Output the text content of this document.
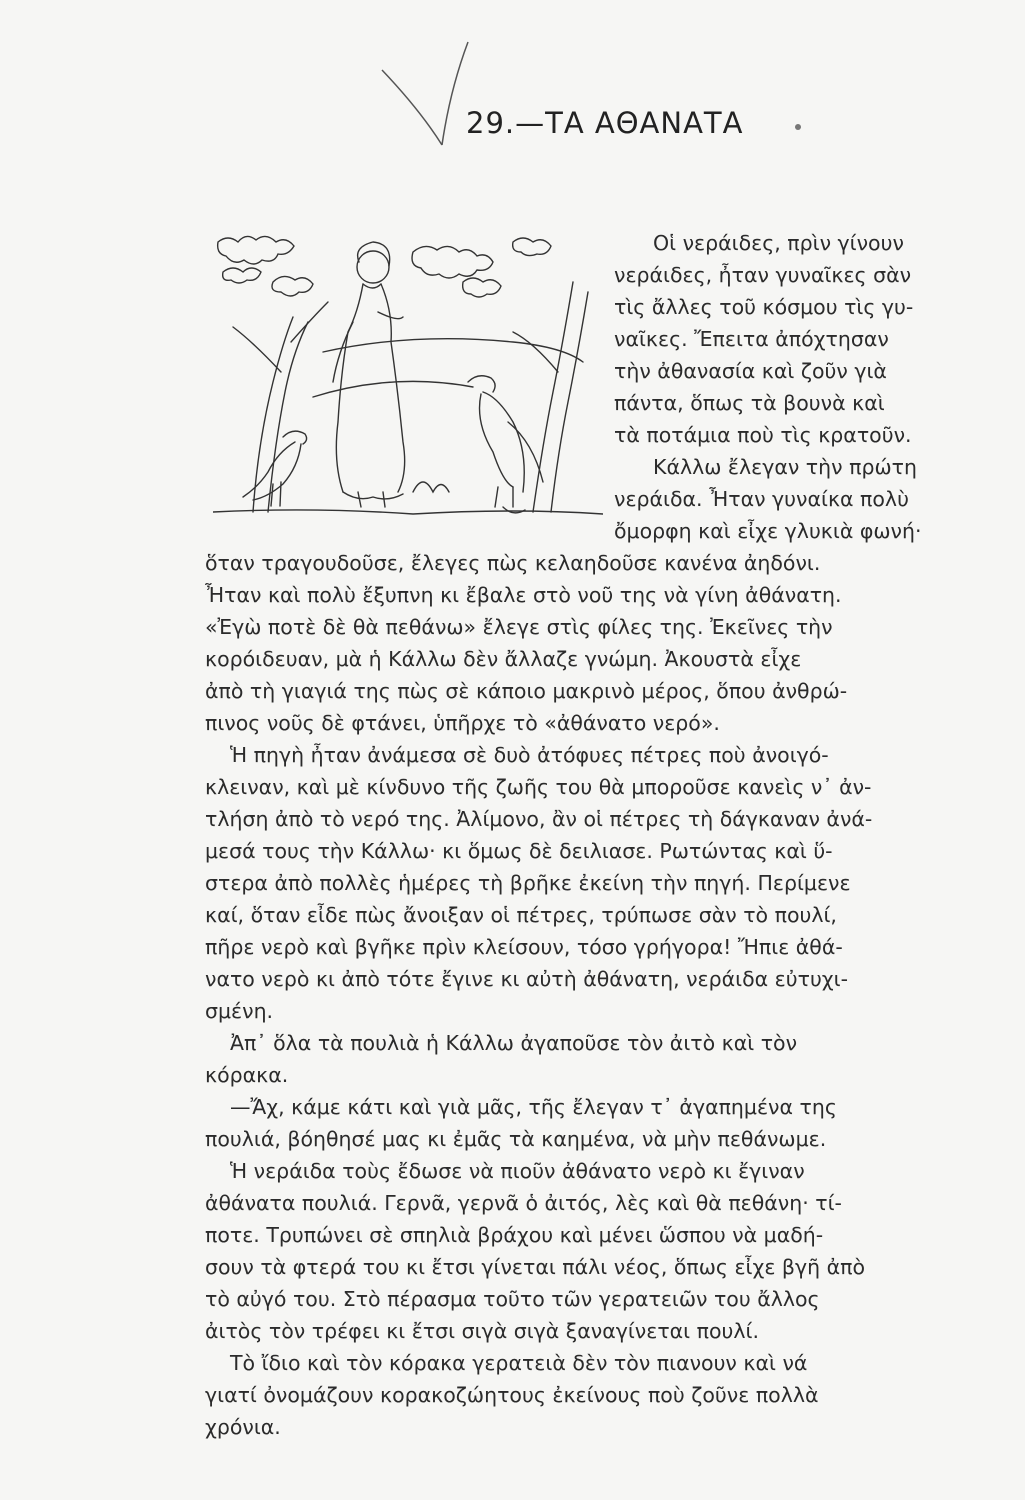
29.—ΤΑ ΑΘΑΝΑΤΑ
Οἱ νεράιδες, πρὶν γίνουν
νεράιδες, ἦταν γυναῖκες σὰν
τὶς ἄλλες τοῦ κόσμου τὶς γυ-
ναῖκες. Ἔπειτα ἀπόχτησαν
τὴν ἀθανασία καὶ ζοῦν γιὰ
πάντα, ὅπως τὰ βουνὰ καὶ
τὰ ποτάμια ποὺ τὶς κρατοῦν.
Κάλλω ἔλεγαν τὴν πρώτη
νεράιδα. Ἦταν γυναίκα πολὺ
ὄμορφη καὶ εἶχε γλυκιὰ φωνή·
ὅταν τραγουδοῦσε, ἔλεγες πὼς κελαηδοῦσε κανένα ἀηδόνι.
Ἦταν καὶ πολὺ ἔξυπνη κι ἔβαλε στὸ νοῦ της νὰ γίνη ἀθάνατη.
«Ἐγὼ ποτὲ δὲ θὰ πεθάνω» ἔλεγε στὶς φίλες της. Ἐκεῖνες τὴν
κορόιδευαν, μὰ ἡ Κάλλω δὲν ἄλλαζε γνώμη. Ἀκουστὰ εἶχε
ἀπὸ τὴ γιαγιά της πὼς σὲ κάποιο μακρινὸ μέρος, ὅπου ἀνθρώ-
πινος νοῦς δὲ φτάνει, ὑπῆρχε τὸ «ἀθάνατο νερό».
Ἡ πηγὴ ἦταν ἀνάμεσα σὲ δυὸ ἀτόφυες πέτρες ποὺ ἀνοιγό-
κλειναν, καὶ μὲ κίνδυνο τῆς ζωῆς του θὰ μποροῦσε κανεὶς ν᾿ ἀν-
τλήση ἀπὸ τὸ νερό της. Ἀλίμονο, ἂν οἱ πέτρες τὴ δάγκαναν ἀνά-
μεσά τους τὴν Κάλλω· κι ὅμως δὲ δειλιασε. Ρωτώντας καὶ ὕ-
στερα ἀπὸ πολλὲς ἡμέρες τὴ βρῆκε ἐκείνη τὴν πηγή. Περίμενε
καί, ὅταν εἶδε πὼς ἄνοιξαν οἱ πέτρες, τρύπωσε σὰν τὸ πουλί,
πῆρε νερὸ καὶ βγῆκε πρὶν κλείσουν, τόσο γρήγορα! Ἤπιε ἀθά-
νατο νερὸ κι ἀπὸ τότε ἔγινε κι αὐτὴ ἀθάνατη, νεράιδα εὐτυχι-
σμένη.
Ἀπ᾿ ὅλα τὰ πουλιὰ ἡ Κάλλω ἀγαποῦσε τὸν ἀιτὸ καὶ τὸν
κόρακα.
—Ἄχ, κάμε κάτι καὶ γιὰ μᾶς, τῆς ἔλεγαν τ᾿ ἀγαπημένα της
πουλιά, βόηθησέ μας κι ἐμᾶς τὰ καημένα, νὰ μὴν πεθάνωμε.
Ἡ νεράιδα τοὺς ἔδωσε νὰ πιοῦν ἀθάνατο νερὸ κι ἔγιναν
ἀθάνατα πουλιά. Γερνᾶ, γερνᾶ ὁ ἀιτός, λὲς καὶ θὰ πεθάνη· τί-
ποτε. Τρυπώνει σὲ σπηλιὰ βράχου καὶ μένει ὥσπου νὰ μαδή-
σουν τὰ φτερά του κι ἔτσι γίνεται πάλι νέος, ὅπως εἶχε βγῆ ἀπὸ
τὸ αὐγό του. Στὸ πέρασμα τοῦτο τῶν γερατειῶν του ἄλλος
ἀιτὸς τὸν τρέφει κι ἔτσι σιγὰ σιγὰ ξαναγίνεται πουλί.
Τὸ ἴδιο καὶ τὸν κόρακα γερατειὰ δὲν τὸν πιανουν καὶ νά
γιατί ὀνομάζουν κορακοζώητους ἐκείνους ποὺ ζοῦνε πολλὰ
χρόνια.
